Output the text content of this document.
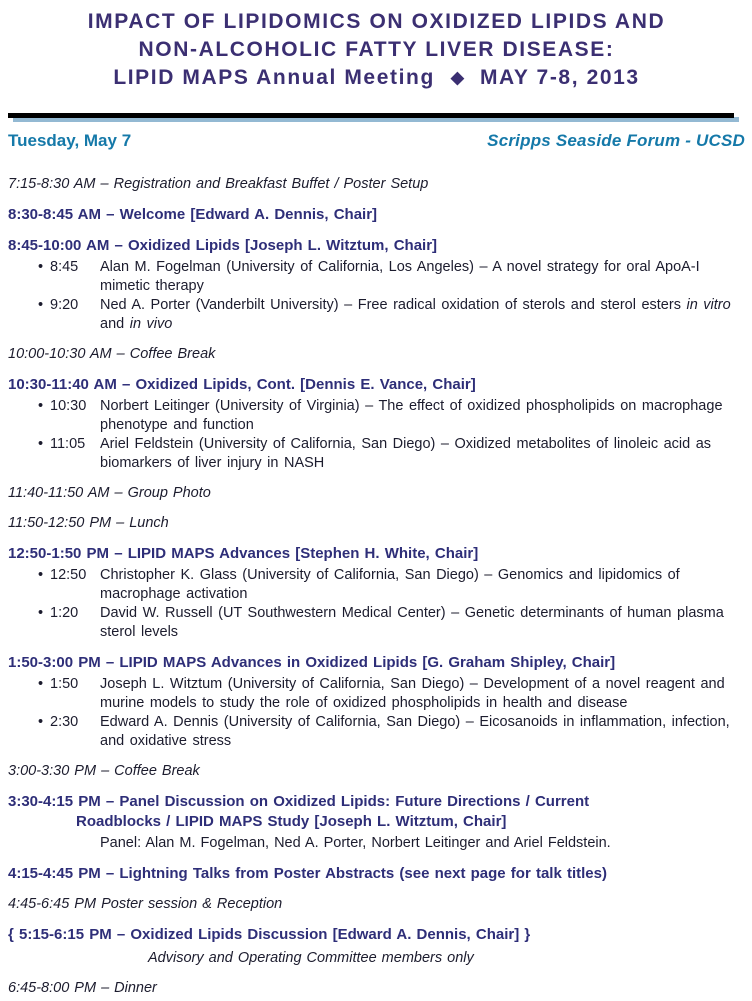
IMPACT OF LIPIDOMICS ON OXIDIZED LIPIDS AND
NON-ALCOHOLIC FATTY LIVER DISEASE:
LIPID MAPS Annual Meeting ◆ MAY 7-8, 2013
Tuesday, May 7	Scripps Seaside Forum - UCSD
7:15-8:30 AM – Registration and Breakfast Buffet / Poster Setup
8:30-8:45 AM – Welcome [Edward A. Dennis, Chair]
8:45-10:00 AM – Oxidized Lipids [Joseph L. Witztum, Chair]
• 8:45	Alan M. Fogelman (University of California, Los Angeles) – A novel strategy for oral ApoA-I mimetic therapy
• 9:20	Ned A. Porter (Vanderbilt University) – Free radical oxidation of sterols and sterol esters in vitro and in vivo
10:00-10:30 AM – Coffee Break
10:30-11:40 AM – Oxidized Lipids, Cont. [Dennis E. Vance, Chair]
• 10:30 Norbert Leitinger (University of Virginia) – The effect of oxidized phospholipids on macrophage phenotype and function
• 11:05	Ariel Feldstein (University of California, San Diego) – Oxidized metabolites of linoleic acid as biomarkers of liver injury in NASH
11:40-11:50 AM – Group Photo
11:50-12:50 PM – Lunch
12:50-1:50 PM – LIPID MAPS Advances [Stephen H. White, Chair]
• 12:50 Christopher K. Glass (University of California, San Diego) – Genomics and lipidomics of macrophage activation
• 1:20	David W. Russell (UT Southwestern Medical Center) – Genetic determinants of human plasma sterol levels
1:50-3:00 PM – LIPID MAPS Advances in Oxidized Lipids [G. Graham Shipley, Chair]
• 1:50	Joseph L. Witztum (University of California, San Diego) – Development of a novel reagent and murine models to study the role of oxidized phospholipids in health and disease
• 2:30	Edward A. Dennis (University of California, San Diego) – Eicosanoids in inflammation, infection, and oxidative stress
3:00-3:30 PM – Coffee Break
3:30-4:15 PM – Panel Discussion on Oxidized Lipids: Future Directions / Current
Roadblocks / LIPID MAPS Study [Joseph L. Witztum, Chair]
Panel: Alan M. Fogelman, Ned A. Porter, Norbert Leitinger and Ariel Feldstein.
4:15-4:45 PM – Lightning Talks from Poster Abstracts (see next page for talk titles)
4:45-6:45 PM Poster session & Reception
{ 5:15-6:15 PM – Oxidized Lipids Discussion [Edward A. Dennis, Chair] }
Advisory and Operating Committee members only
6:45-8:00 PM – Dinner
